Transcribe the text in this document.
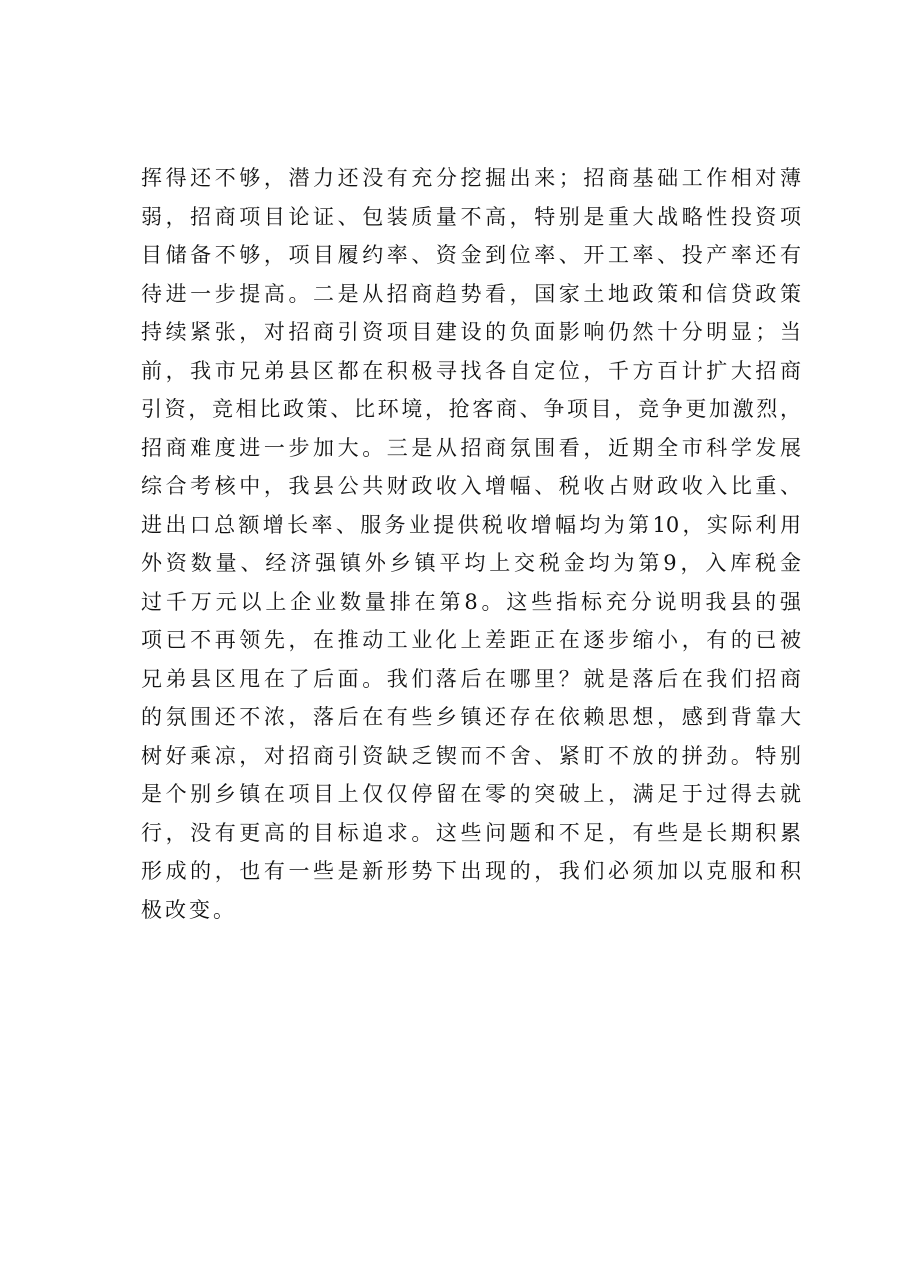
挥得还不够，潜力还没有充分挖掘出来；招商基础工作相对薄
弱，招商项目论证、包装质量不高，特别是重大战略性投资项
目储备不够，项目履约率、资金到位率、开工率、投产率还有
待进一步提高。二是从招商趋势看，国家土地政策和信贷政策
持续紧张，对招商引资项目建设的负面影响仍然十分明显；当
前，我市兄弟县区都在积极寻找各自定位，千方百计扩大招商
引资，竞相比政策、比环境，抢客商、争项目，竞争更加激烈，
招商难度进一步加大。三是从招商氛围看，近期全市科学发展
综合考核中，我县公共财政收入增幅、税收占财政收入比重、
进出口总额增长率、服务业提供税收增幅均为第10，实际利用
外资数量、经济强镇外乡镇平均上交税金均为第9，入库税金
过千万元以上企业数量排在第8。这些指标充分说明我县的强
项已不再领先，在推动工业化上差距正在逐步缩小，有的已被
兄弟县区甩在了后面。我们落后在哪里？就是落后在我们招商
的氛围还不浓，落后在有些乡镇还存在依赖思想，感到背靠大
树好乘凉，对招商引资缺乏锲而不舍、紧盯不放的拼劲。特别
是个别乡镇在项目上仅仅停留在零的突破上，满足于过得去就
行，没有更高的目标追求。这些问题和不足，有些是长期积累
形成的，也有一些是新形势下出现的，我们必须加以克服和积
极改变。
